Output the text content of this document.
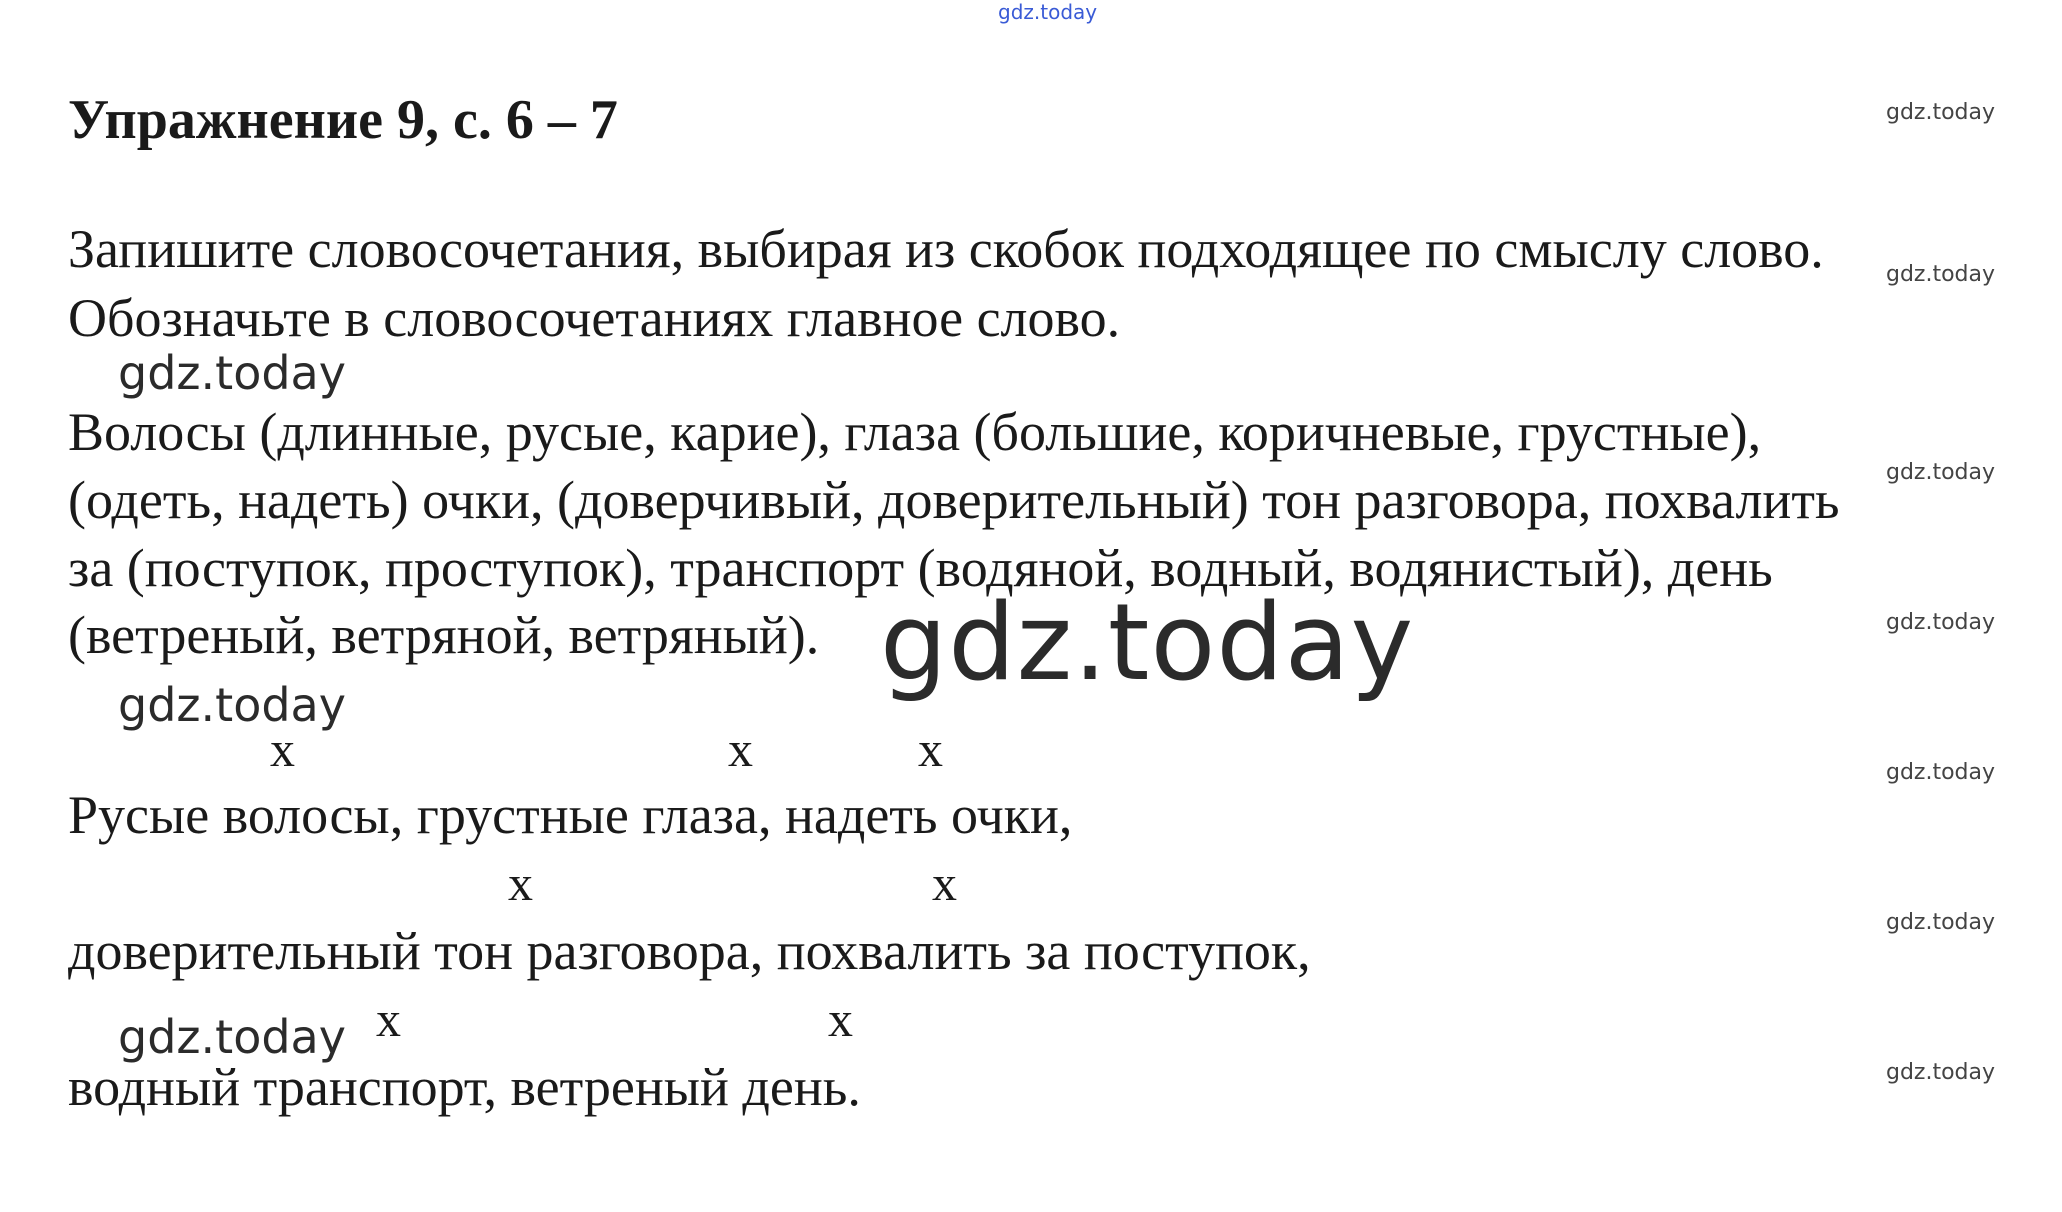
gdz.today
Упражнение 9, с. 6 – 7
Запишите словосочетания, выбирая из скобок подходящее по смыслу слово.
Обозначьте в словосочетаниях главное слово.
gdz.today
Волосы (длинные, русые, карие), глаза (большие, коричневые, грустные),
(одеть, надеть) очки, (доверчивый, доверительный) тон разговора, похвалить
за (поступок, проступок), транспорт (водяной, водный, водянистый), день
(ветреный, ветряной, ветряный). gdz.today
gdz.today
x	x	x
Русые волосы, грустные глаза, надеть очки,
x	x
доверительный тон разговора, похвалить за поступок,
gdz.today x	x
водный транспорт, ветреный день.
gdz.today
gdz.today
gdz.today
gdz.today
gdz.today
gdz.today
gdz.today
